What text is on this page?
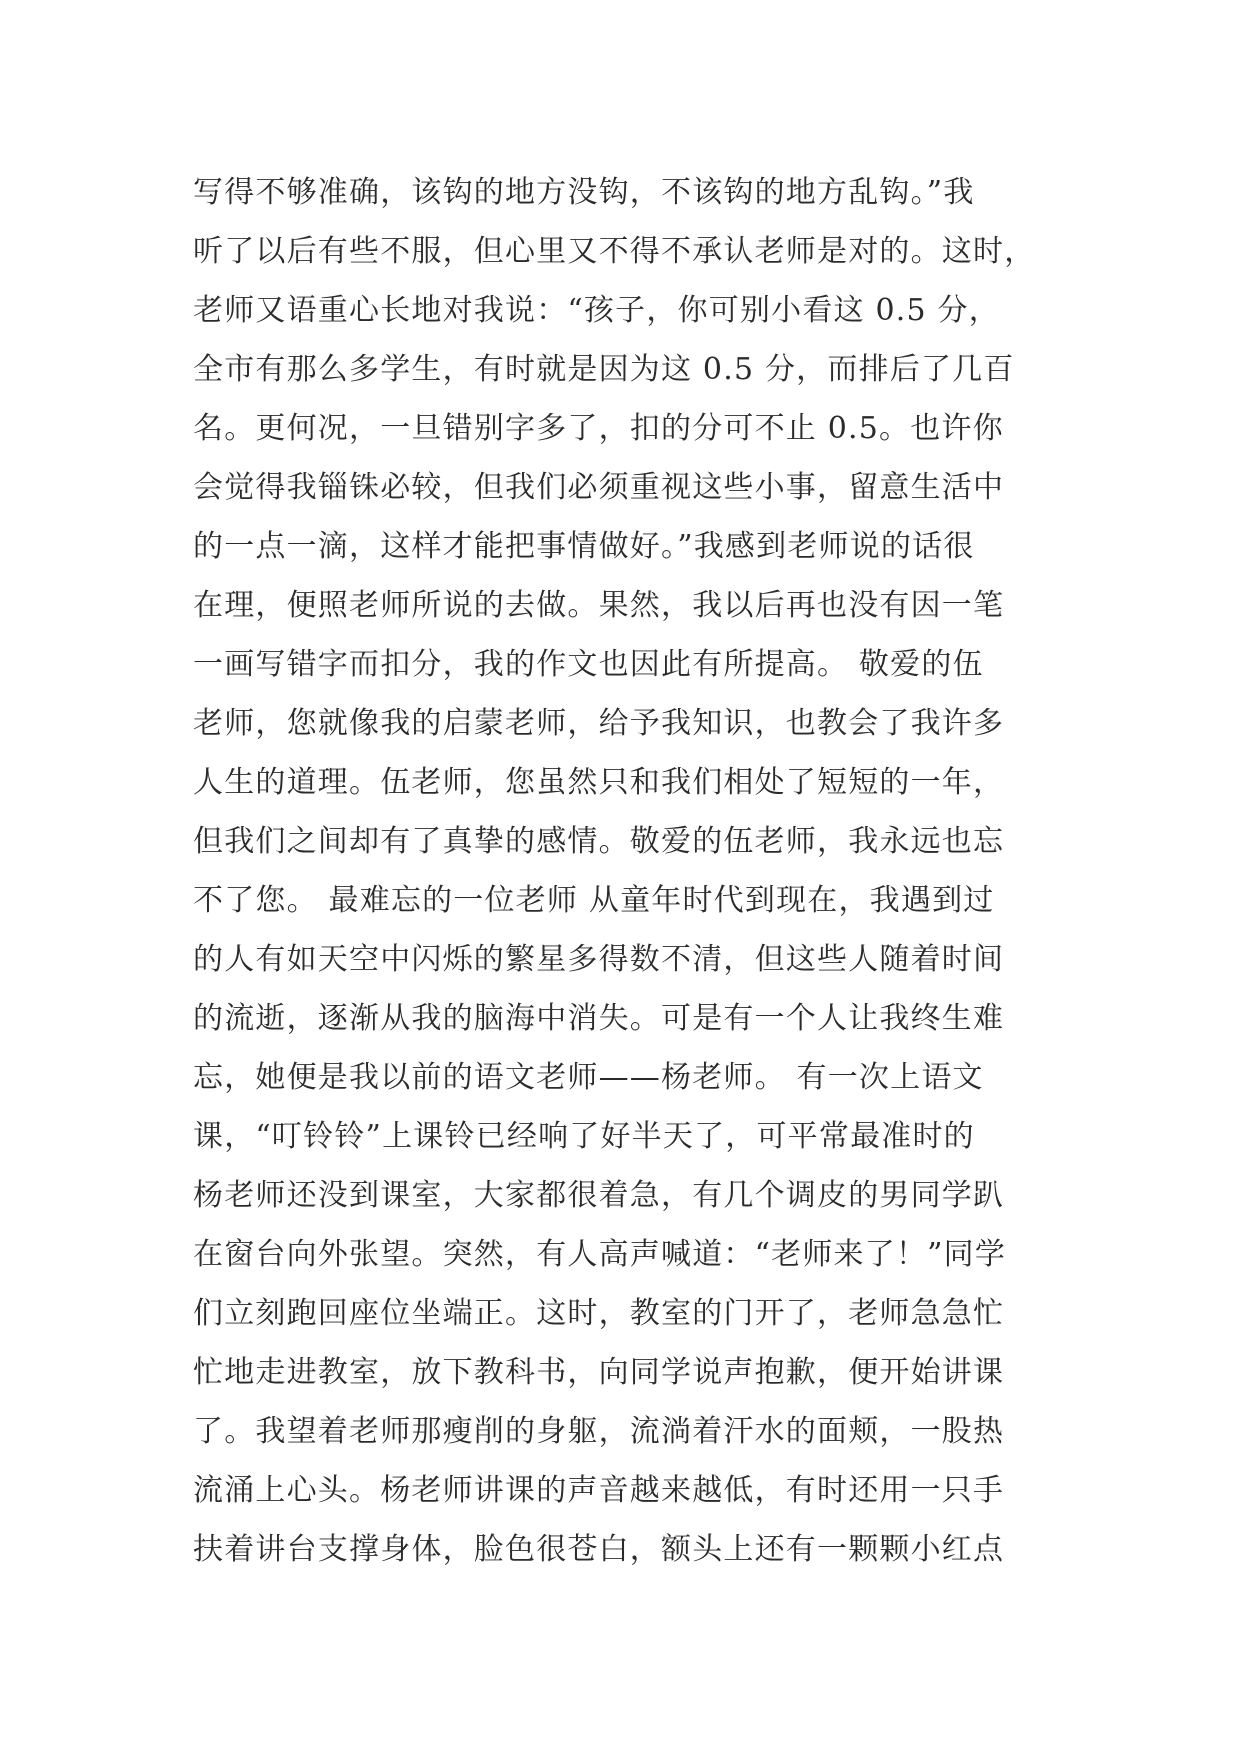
写得不够准确，该钩的地方没钩，不该钩的地方乱钩。”我
听了以后有些不服，但心里又不得不承认老师是对的。这时，
老师又语重心长地对我说：“孩子，你可别小看这 0.5 分，
全市有那么多学生，有时就是因为这 0.5 分，而排后了几百
名。更何况，一旦错别字多了，扣的分可不止 0.5。也许你
会觉得我锱铢必较，但我们必须重视这些小事，留意生活中
的一点一滴，这样才能把事情做好。”我感到老师说的话很
在理，便照老师所说的去做。果然，我以后再也没有因一笔
一画写错字而扣分，我的作文也因此有所提高。 敬爱的伍
老师，您就像我的启蒙老师，给予我知识，也教会了我许多
人生的道理。伍老师，您虽然只和我们相处了短短的一年，
但我们之间却有了真挚的感情。敬爱的伍老师，我永远也忘
不了您。 最难忘的一位老师 从童年时代到现在，我遇到过
的人有如天空中闪烁的繁星多得数不清，但这些人随着时间
的流逝，逐渐从我的脑海中消失。可是有一个人让我终生难
忘，她便是我以前的语文老师——杨老师。 有一次上语文
课，“叮铃铃”上课铃已经响了好半天了，可平常最准时的
杨老师还没到课室，大家都很着急，有几个调皮的男同学趴
在窗台向外张望。突然，有人高声喊道：“老师来了！”同学
们立刻跑回座位坐端正。这时，教室的门开了，老师急急忙
忙地走进教室，放下教科书，向同学说声抱歉，便开始讲课
了。我望着老师那瘦削的身躯，流淌着汗水的面颊，一股热
流涌上心头。杨老师讲课的声音越来越低，有时还用一只手
扶着讲台支撑身体，脸色很苍白，额头上还有一颗颗小红点
